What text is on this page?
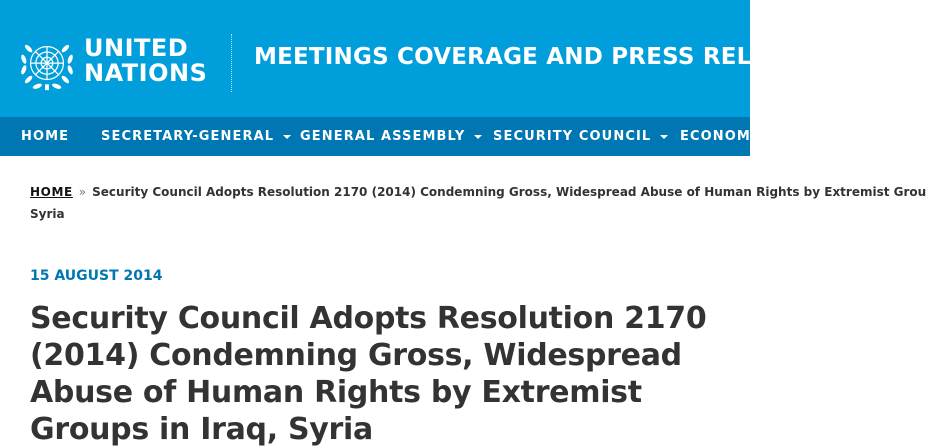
UNITED
NATIONS
MEETINGS COVERAGE AND PRESS RELEASES
HOME SECRETARY-GENERAL	GENERAL ASSEMBLY	SECURITY COUNCIL	ECONOMIC
HOME » Security Council Adopts Resolution 2170 (2014) Condemning Gross, Widespread Abuse of Human Rights by Extremist Grou
Syria
15 AUGUST 2014
Security Council Adopts Resolution 2170 (2014) Condemning Gross, Widespread Abuse of Human Rights by Extremist Groups in Iraq, Syria
